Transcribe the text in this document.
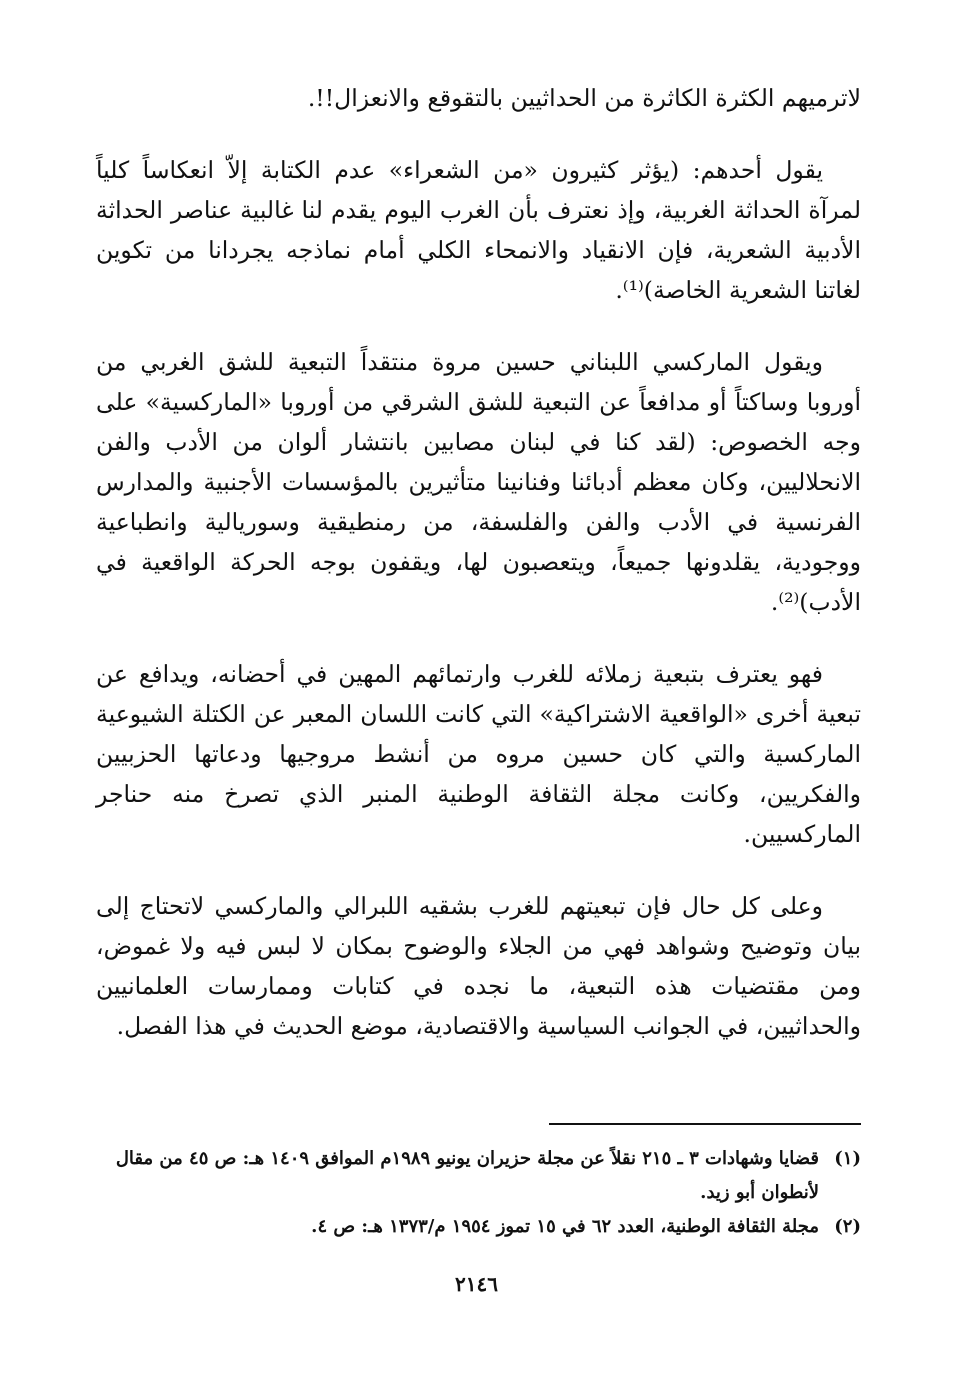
لاترميهم الكثرة الكاثرة من الحداثيين بالتقوقع والانعزال!!.

يقول أحدهم: (يؤثر كثيرون «من الشعراء» عدم الكتابة إلاّ انعكاساً كلياً لمرآة الحداثة الغربية، وإذ نعترف بأن الغرب اليوم يقدم لنا غالبية عناصر الحداثة الأدبية الشعرية، فإن الانقياد والانمحاء الكلي أمام نماذجه يجردانا من تكوين لغاتنا الشعرية الخاصة)⁽¹⁾.

ويقول الماركسي اللبناني حسين مروة منتقداً التبعية للشق الغربي من أوروبا وساكتاً أو مدافعاً عن التبعية للشق الشرقي من أوروبا «الماركسية» على وجه الخصوص: (لقد كنا في لبنان مصابين بانتشار ألوان من الأدب والفن الانحلاليين، وكان معظم أدبائنا وفنانينا متأثيرين بالمؤسسات الأجنبية والمدارس الفرنسية في الأدب والفن والفلسفة، من رمنطيقية وسوريالية وانطباعية ووجودية، يقلدونها جميعاً، ويتعصبون لها، ويقفون بوجه الحركة الواقعية في الأدب)⁽²⁾.

فهو يعترف بتبعية زملائه للغرب وارتمائهم المهين في أحضانه، ويدافع عن تبعية أخرى «الواقعية الاشتراكية» التي كانت اللسان المعبر عن الكتلة الشيوعية الماركسية والتي كان حسين مروه من أنشط مروجيها ودعاتها الحزبيين والفكريين، وكانت مجلة الثقافة الوطنية المنبر الذي تصرخ منه حناجر الماركسيين.

وعلى كل حال فإن تبعيتهم للغرب بشقيه اللبرالي والماركسي لاتحتاج إلى بيان وتوضيح وشواهد فهي من الجلاء والوضوح بمكان لا لبس فيه ولا غموض، ومن مقتضيات هذه التبعية، ما نجده في كتابات وممارسات العلمانيين والحداثيين، في الجوانب السياسية والاقتصادية، موضع الحديث في هذا الفصل.

(١)
قضايا وشهادات ٣ ـ ٢١٥ نقلاً عن مجلة حزيران يونيو ١٩٨٩م الموافق ١٤٠٩ هـ: ص ٤٥ من مقال لأنطوان أبو زيد.
(٢)
مجلة الثقافة الوطنية، العدد ٦٢ في ١٥ تموز ١٩٥٤ م/١٣٧٣ هـ: ص ٤.
٢١٤٦
